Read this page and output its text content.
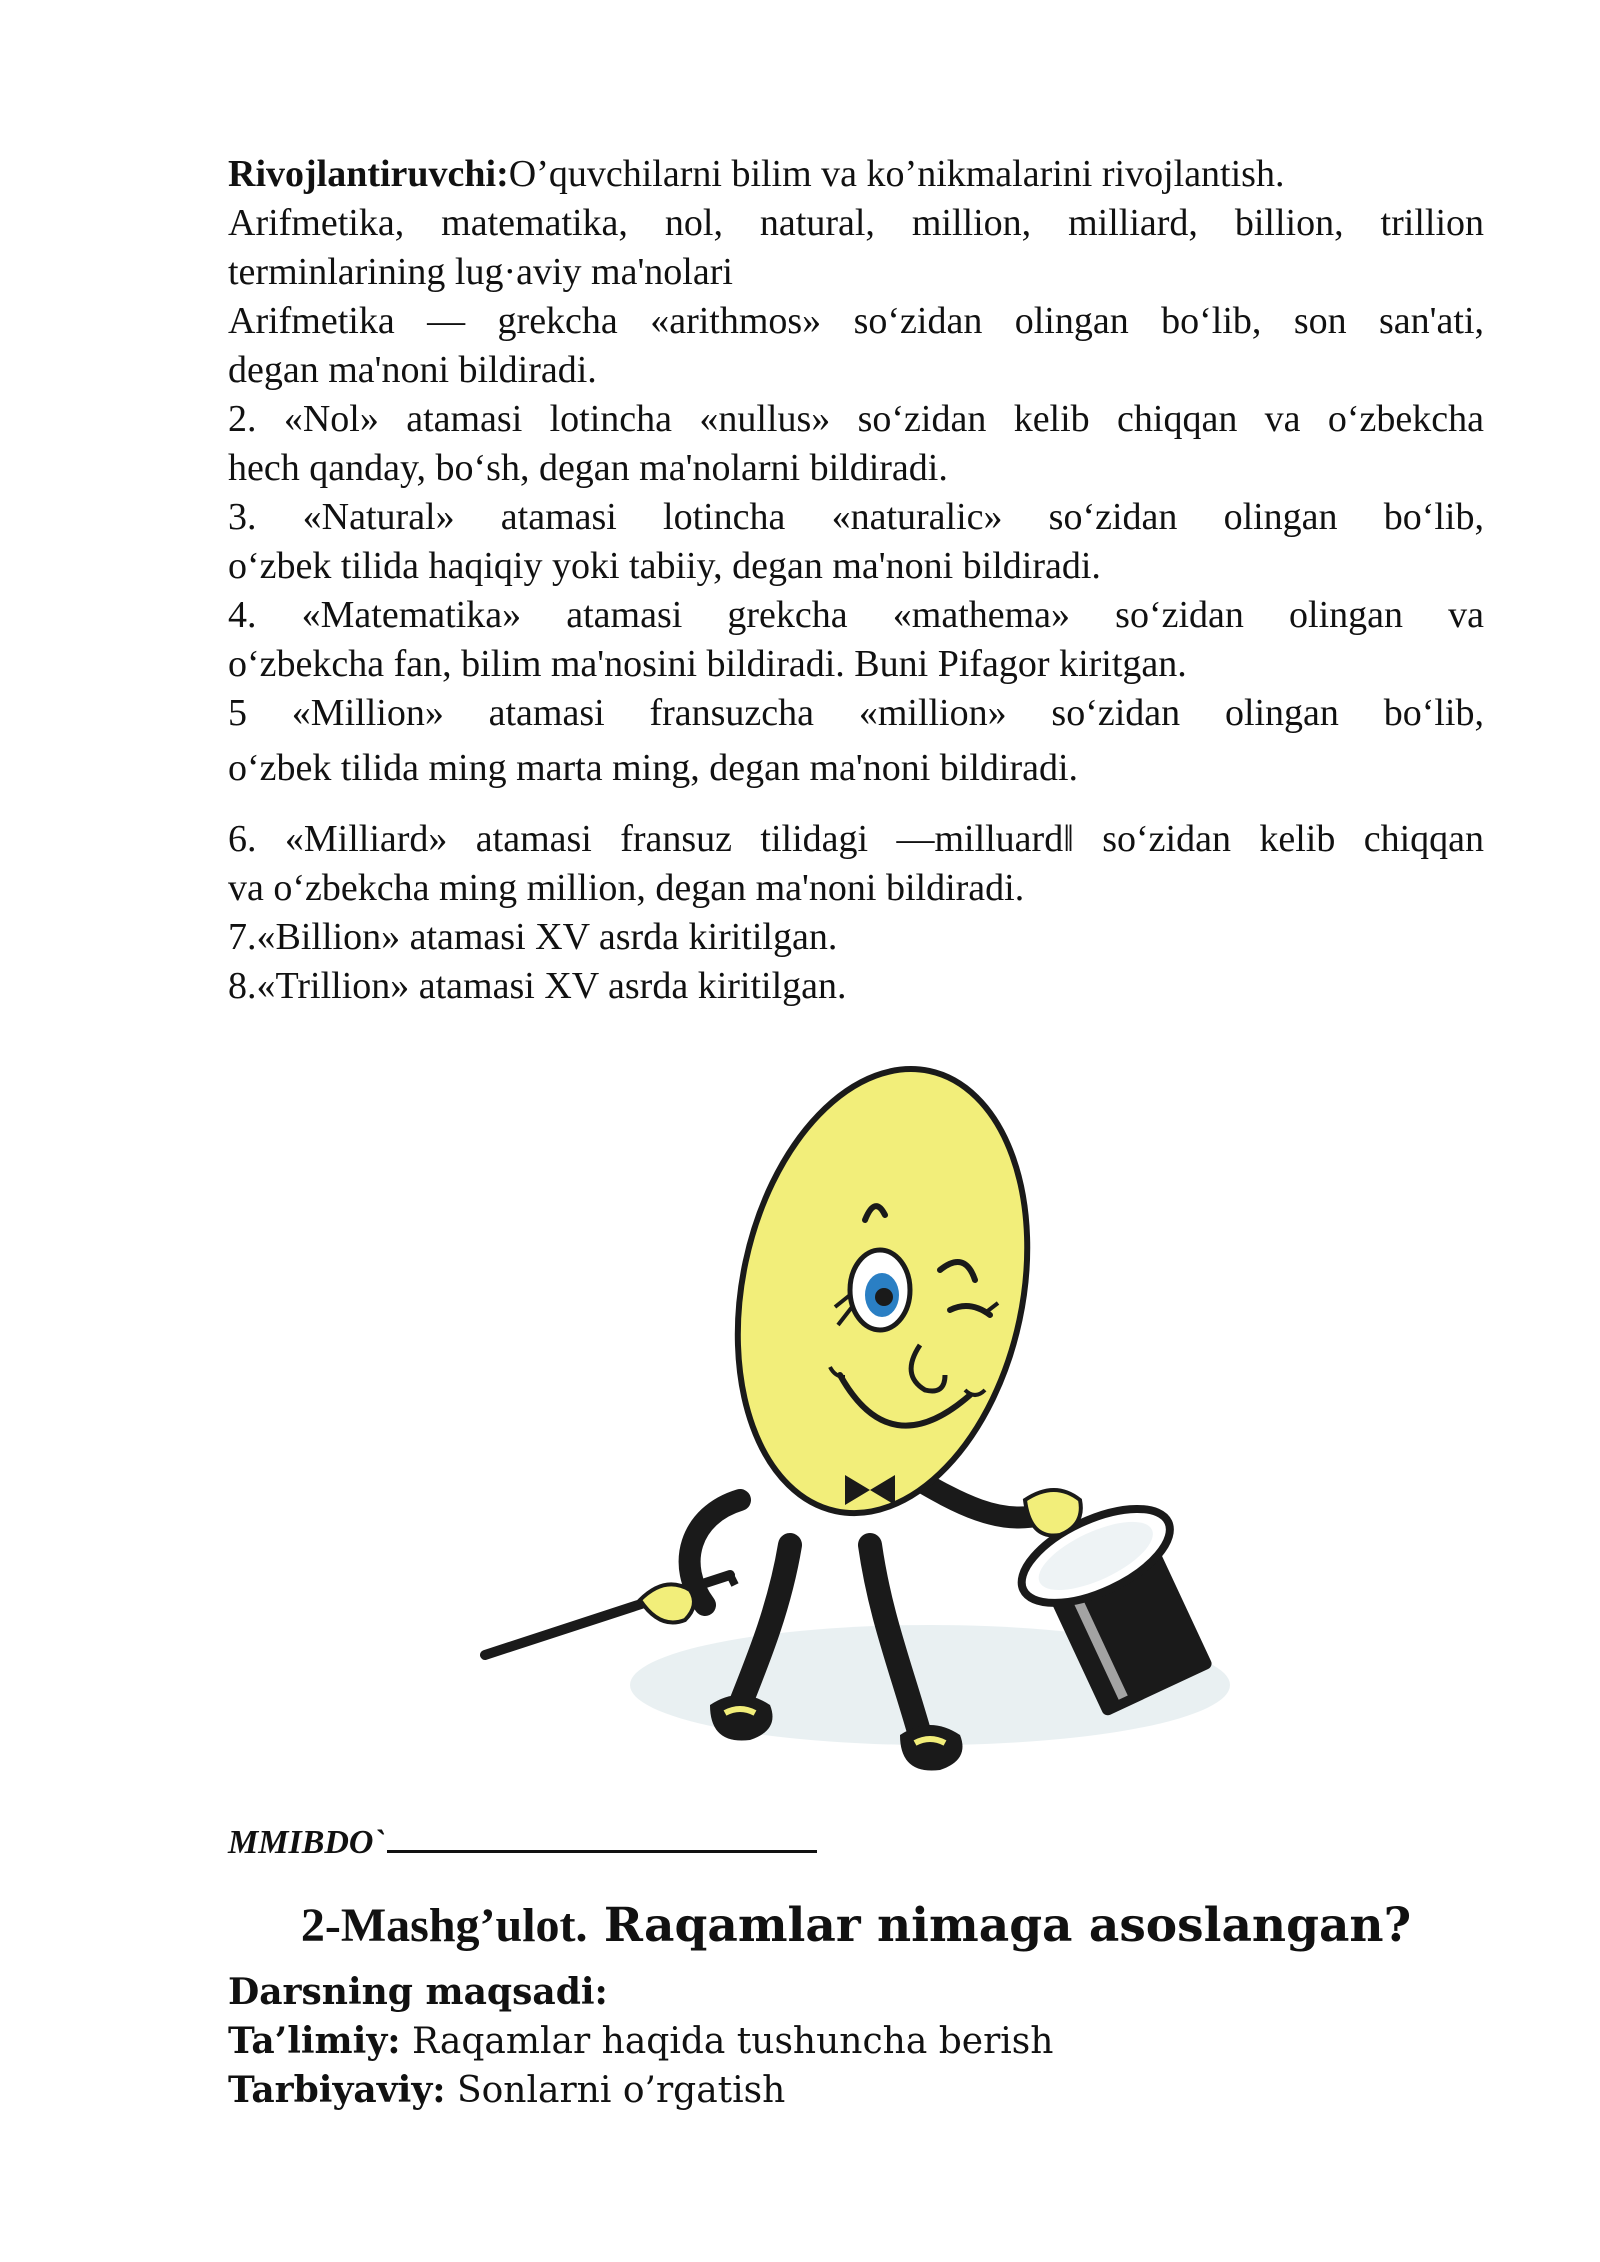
Rivojlantiruvchi:O’quvchilarni bilim va ko’nikmalarini rivojlantish.

Arifmetika, matematika, nol, natural, million, milliard, billion, trillion

terminlarining lug·aviy ma'nolari

Arifmetika — grekcha «arithmos» so‘zidan olingan bo‘lib, son san'ati,

degan ma'noni bildiradi.

2. «Nol» atamasi lotincha «nullus» so‘zidan kelib chiqqan va o‘zbekcha

hech qanday, bo‘sh, degan ma'nolarni bildiradi.

3. «Natural» atamasi lotincha «naturalic» so‘zidan olingan bo‘lib,

o‘zbek tilida haqiqiy yoki tabiiy, degan ma'noni bildiradi.

4. «Matematika» atamasi grekcha «mathema» so‘zidan olingan va

o‘zbekcha fan, bilim ma'nosini bildiradi. Buni Pifagor kiritgan.

5 «Million» atamasi fransuzcha «million» so‘zidan olingan bo‘lib,

o‘zbek tilida ming marta ming, degan ma'noni bildiradi.

6. «Milliard» atamasi fransuz tilidagi ―milluard‖ so‘zidan kelib chiqqan

va o‘zbekcha ming million, degan ma'noni bildiradi.

7.«Billion» atamasi XV asrda kiritilgan.

8.«Trillion» atamasi XV asrda kiritilgan.

MMIBDO`
2-Mashg’ulot. Raqamlar nimaga asoslangan?

Darsning maqsadi:

Ta’limiy: Raqamlar haqida tushuncha berish

Tarbiyaviy: Sonlarni o’rgatish
